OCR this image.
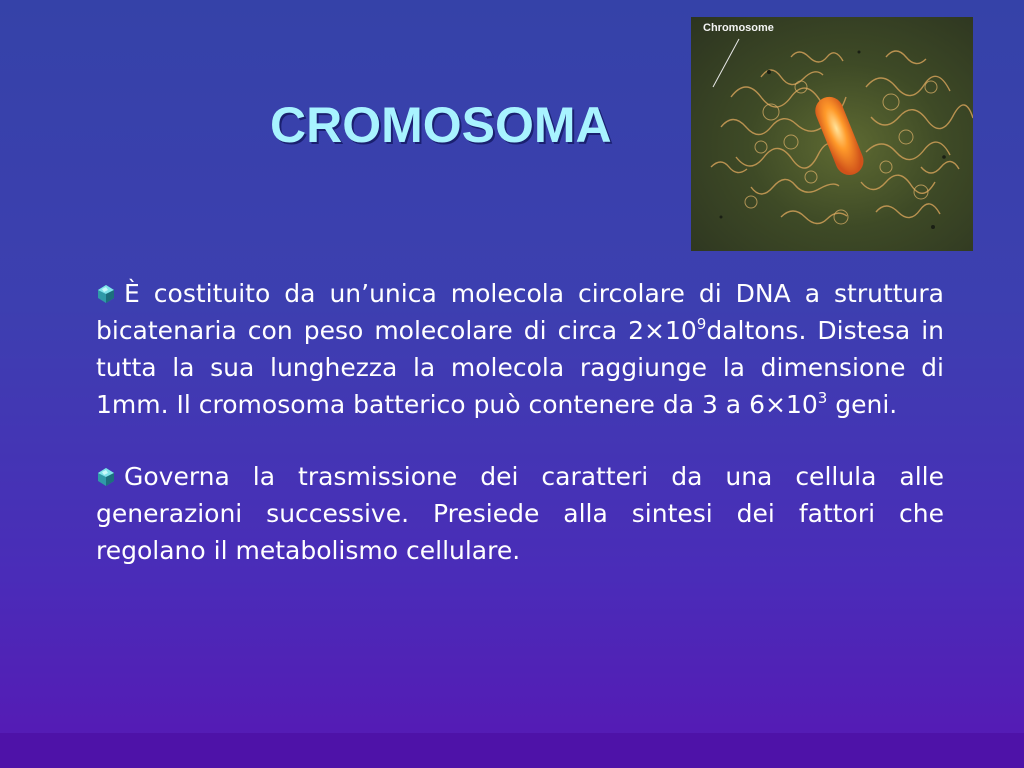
CROMOSOMA
Chromosome

È costituito da un’unica molecola circolare di DNA a struttura bicatenaria con peso molecolare di circa $2\times 10^9daltons$. Distesa in tutta la sua lunghezza la molecola raggiunge la dimensione di 1mm. Il cromosoma batterico può contenere da 3 a $6\times 10^3$ geni.

Governa la trasmissione dei caratteri da una cellula alle generazioni successive. Presiede alla sintesi dei fattori che regolano il metabolismo cellulare.
